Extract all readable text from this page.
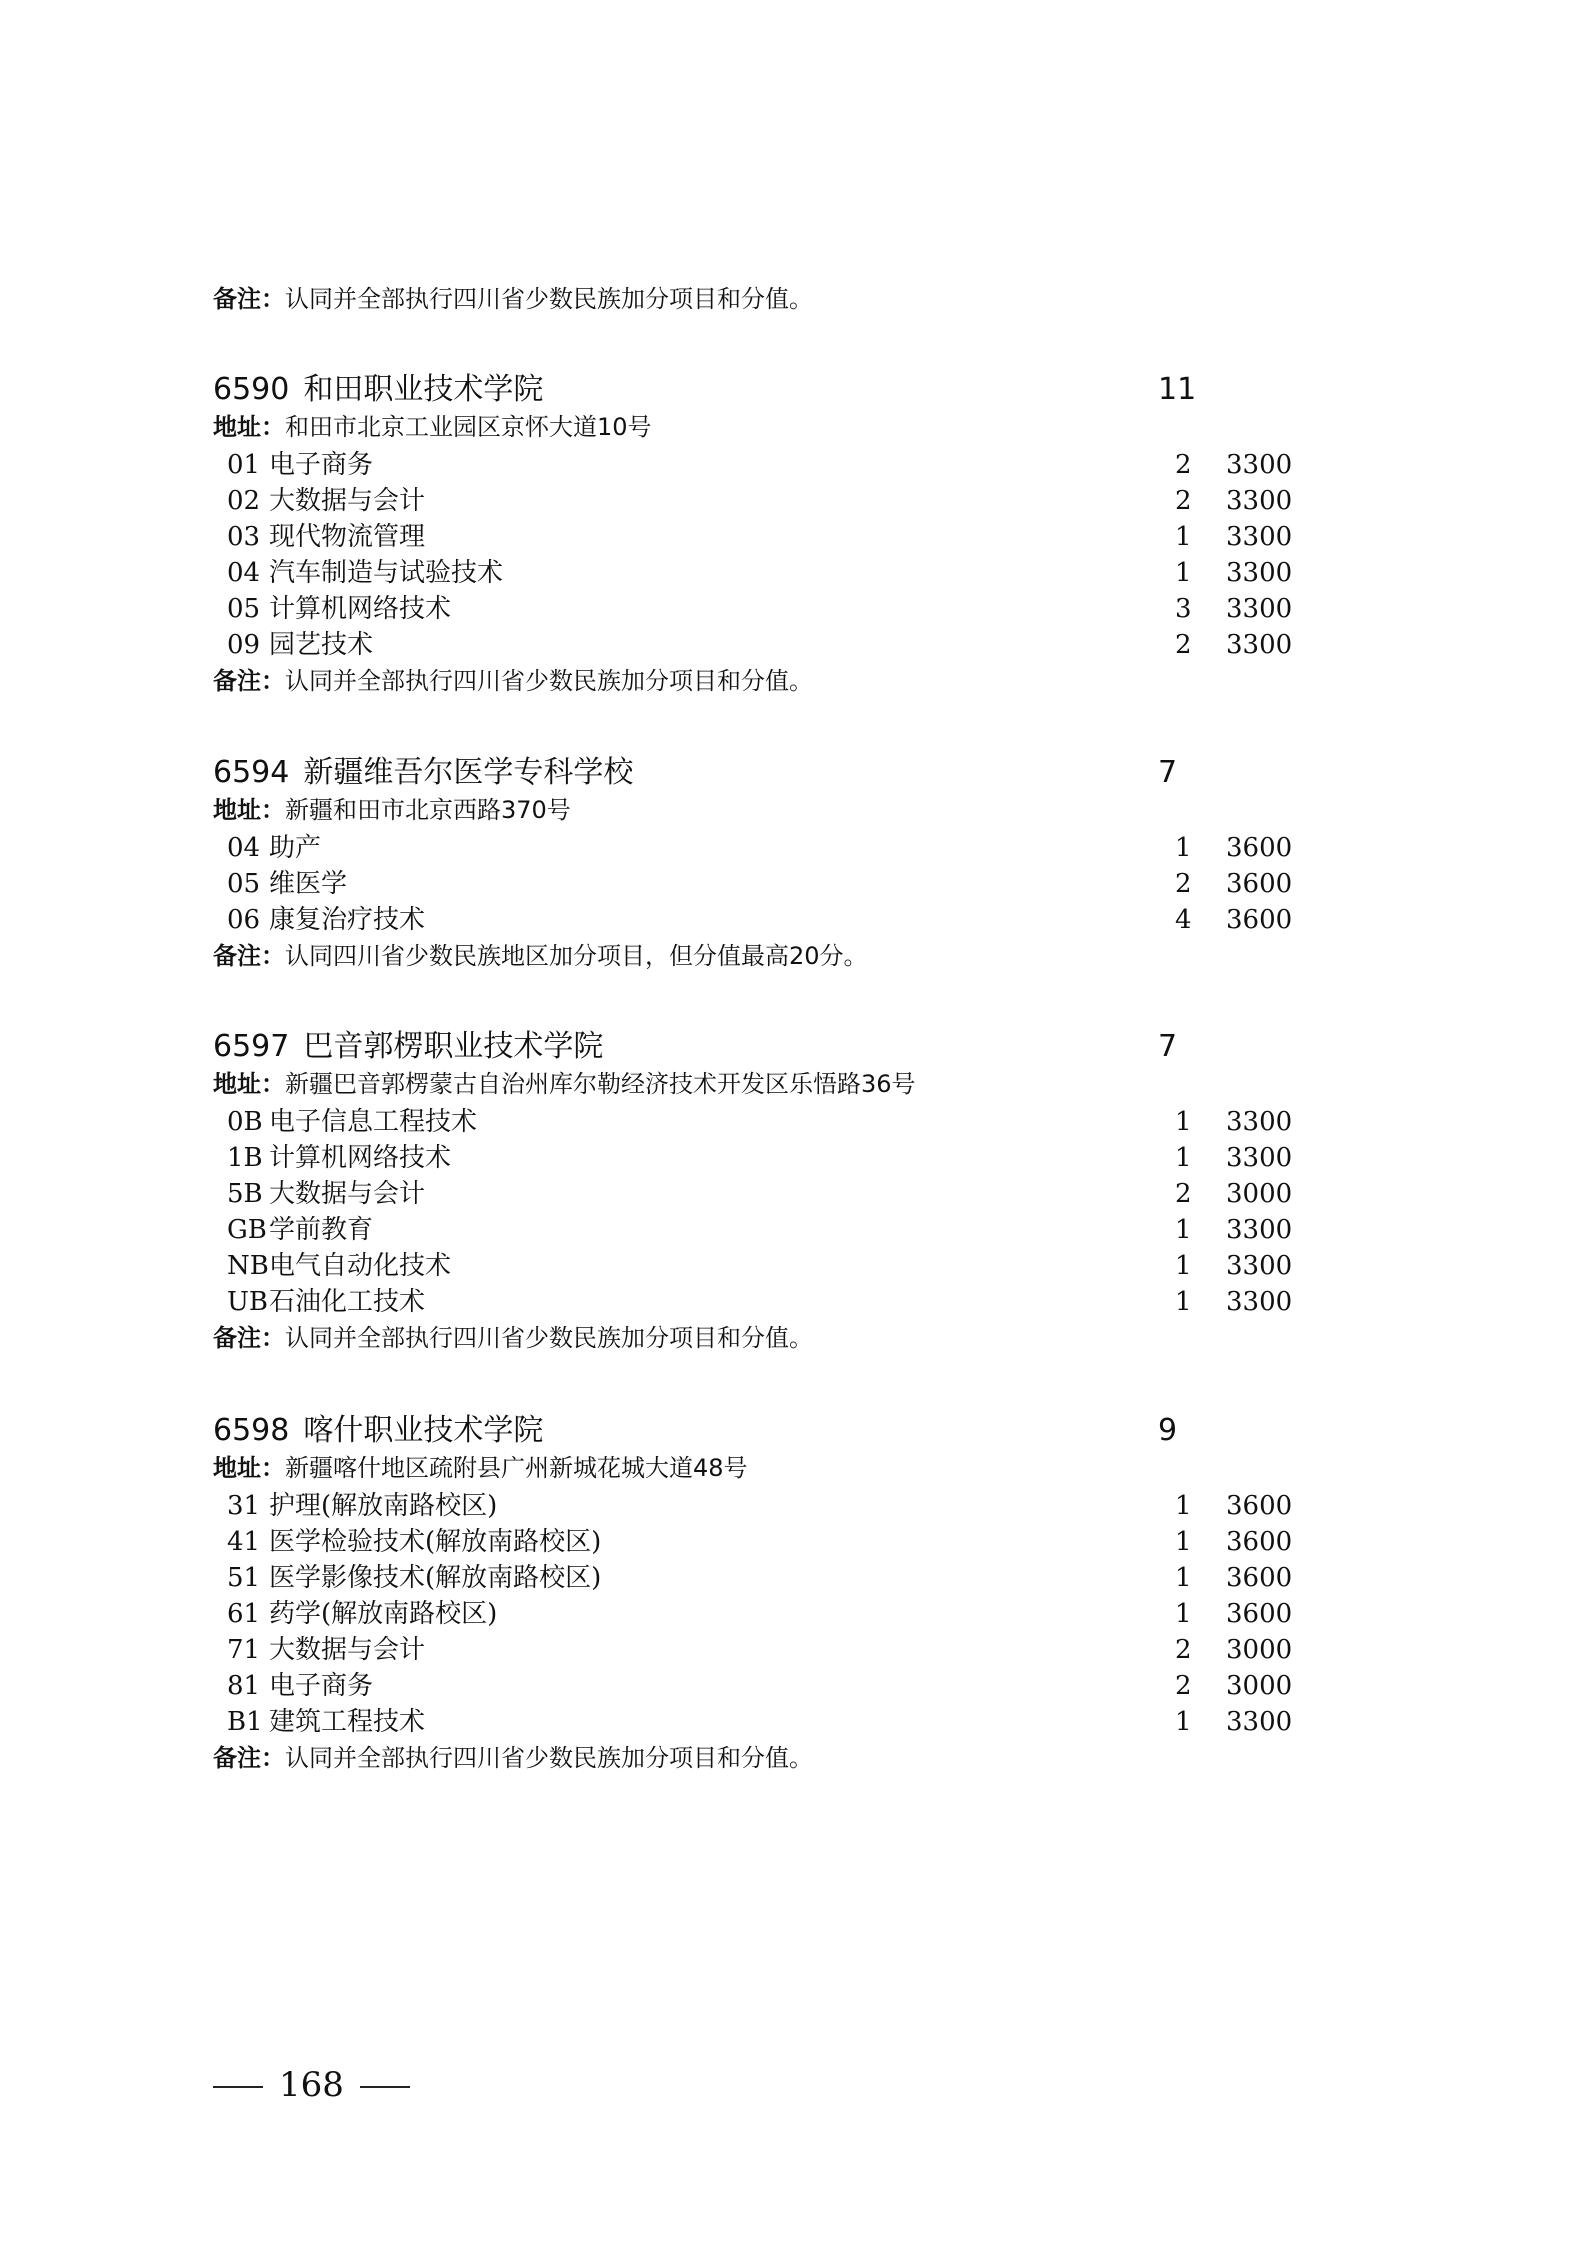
备注：认同并全部执行四川省少数民族加分项目和分值。
6590 和田职业技术学院	11
地址：和田市北京工业园区京怀大道10号
01 电子商务	2 3300
02 大数据与会计	2 3300
03 现代物流管理	1 3300
04 汽车制造与试验技术	1 3300
05 计算机网络技术	3 3300
09 园艺技术	2 3300
备注：认同并全部执行四川省少数民族加分项目和分值。
6594 新疆维吾尔医学专科学校	7
地址：新疆和田市北京西路370号
04 助产	1 3600
05 维医学	2 3600
06 康复治疗技术	4 3600
备注：认同四川省少数民族地区加分项目，但分值最高20分。
6597 巴音郭楞职业技术学院	7
地址：新疆巴音郭楞蒙古自治州库尔勒经济技术开发区乐悟路36号
0B 电子信息工程技术	1 3300
1B 计算机网络技术	1 3300
5B 大数据与会计	2 3000
GB 学前教育	1 3300
NB 电气自动化技术	1 3300
UB 石油化工技术	1 3300
备注：认同并全部执行四川省少数民族加分项目和分值。
6598 喀什职业技术学院	9
地址：新疆喀什地区疏附县广州新城花城大道48号
31 护理(解放南路校区)	1 3600
41 医学检验技术(解放南路校区)	1 3600
51 医学影像技术(解放南路校区)	1 3600
61 药学(解放南路校区)	1 3600
71 大数据与会计	2 3000
81 电子商务	2 3000
B1 建筑工程技术	1 3300
备注：认同并全部执行四川省少数民族加分项目和分值。
168
